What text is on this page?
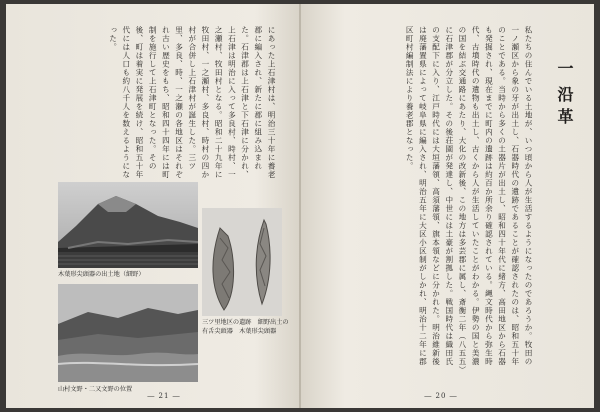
にあった上石津村は、明治三十年に養老郡に編入され、新たに郡に組み込まれた。石津郡は上石津と下石津に分かれ、上石津は明治に入って多良村、時村、一之瀬村、牧田村となる。昭和二十九年に牧田村、一之瀬村、多良村、時村の四か村が合併し上石津村が誕生した。三ツ里、多良、時、一之瀬の各地区はそれぞれ古い歴史をもち、昭和四十四年には町制を施行して上石津町となった。その後、町は着実に発展を続け、昭和五十年代には人口も約八千人を数えるようになった。
木葉形尖頭器の出土地（細野）
三ツ里地区の遺跡　細野出土の有舌尖頭器　木葉形尖頭器
山村文野・二又文野の位置
― 21 ―
私たちの住んでいる土地が、いつ頃から人が生活するようになったのであろうか。牧田の一ノ瀬区から象の牙が出土し、石器時代の遺跡であることが確認されたのは、昭和五十年のことである。当時から多くの土器片が出土し、昭和四十年代に緒方、高田地区から石器も発掘され、現在までに町内の遺跡は約百か所余り確認されている。縄文時代から弥生時代、古墳時代の遺物も出土し、古くから人が生活していたことがわかる。伊勢の国と美濃の国を結ぶ交通路にあたり、大化の改新後、この地方は多芸郡に属し、斎衡二年（八五五）に石津郡が分立した。その後荘園が発達し、中世には土豪が割拠した。戦国時代は織田氏の支配下に入り、江戸時代には大垣藩領、高須藩領、旗本領などに分かれた。明治維新後は廃藩置県によって岐阜県に編入され、明治五年に大区小区制がしかれ、明治十二年に郡区町村編制法により養老郡となった。	一
沿革
― 20 ―
